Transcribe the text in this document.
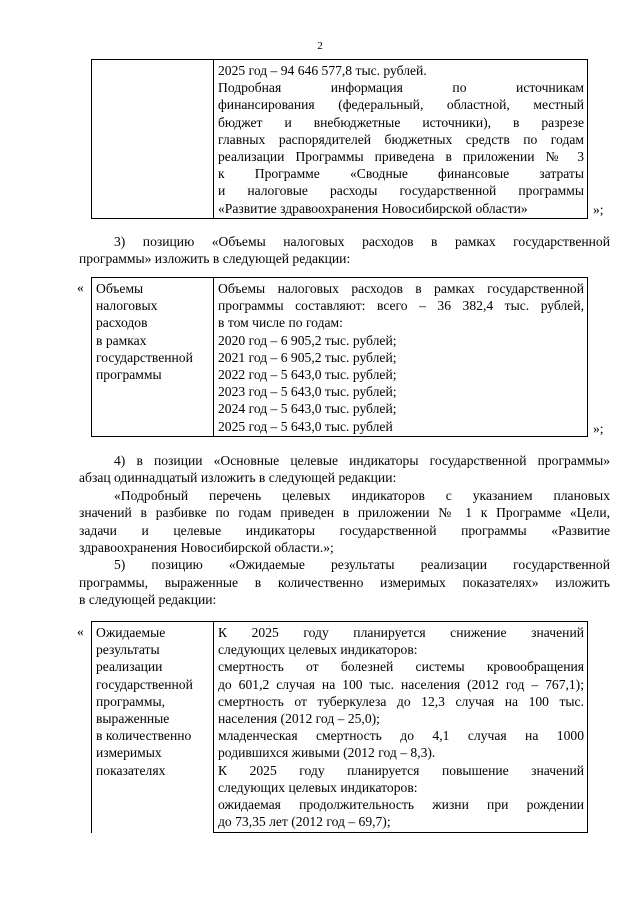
2

2025 год – 94 646 577,8 тыс. рублей.
Подробная информация по источникам
финансирования (федеральный, областной, местный
бюджет и внебюджетные источники), в разрезе
главных распорядителей бюджетных средств по годам
реализации Программы приведена в приложении № 3
к Программе «Сводные финансовые затраты
и налоговые расходы государственной программы
«Развитие здравоохранения Новосибирской области»	»;
3) позицию «Объемы налоговых расходов в рамках государственной
программы» изложить в следующей редакции:
« Объемы
налоговых
расходов
в рамках
государственной
программы

Объемы налоговых расходов в рамках государственной
программы составляют: всего – 36 382,4 тыс. рублей,
в том числе по годам:
2020 год – 6 905,2 тыс. рублей;
2021 год – 6 905,2 тыс. рублей;
2022 год – 5 643,0 тыс. рублей;
2023 год – 5 643,0 тыс. рублей;
2024 год – 5 643,0 тыс. рублей;
2025 год – 5 643,0 тыс. рублей	»;
4) в позиции «Основные целевые индикаторы государственной программы»
абзац одиннадцатый изложить в следующей редакции:
«Подробный перечень целевых индикаторов с указанием плановых
значений в разбивке по годам приведен в приложении № 1 к Программе «Цели,
задачи и целевые индикаторы государственной программы «Развитие
здравоохранения Новосибирской области.»;
5) позицию «Ожидаемые результаты реализации государственной
программы, выраженные в количественно измеримых показателях» изложить
в следующей редакции:
« Ожидаемые
результаты
реализации
государственной
программы,
выраженные
в количественно
измеримых
показателях

К 2025 году планируется снижение значений
следующих целевых индикаторов:
смертность от болезней системы кровообращения
до 601,2 случая на 100 тыс. населения (2012 год – 767,1);
смертность от туберкулеза до 12,3 случая на 100 тыс.
населения (2012 год – 25,0);
младенческая смертность до 4,1 случая на 1000
родившихся живыми (2012 год – 8,3).
К 2025 году планируется повышение значений
следующих целевых индикаторов:
ожидаемая продолжительность жизни при рождении
до 73,35 лет (2012 год – 69,7);
